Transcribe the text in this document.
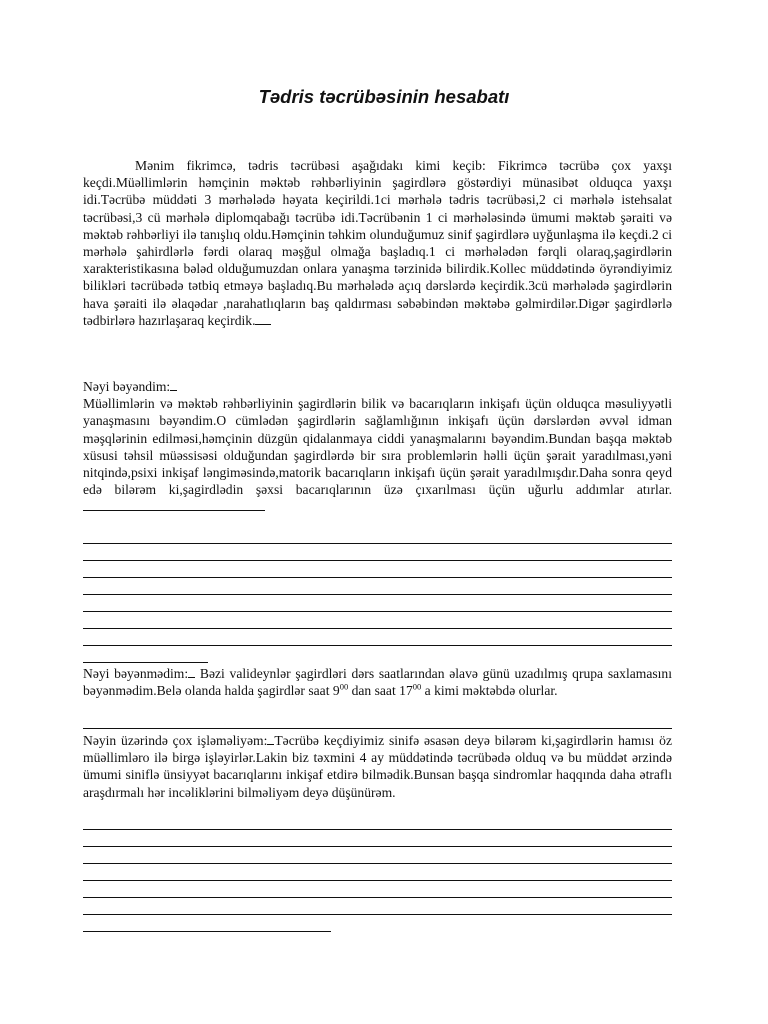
Tədris təcrübəsinin hesabatı

Mənim fikrimcə, tədris təcrübəsi aşağıdakı kimi keçib: Fikrimcə təcrübə çox yaxşı keçdi.Müəllimlərin həmçinin məktəb rəhbərliyinin şagirdlərə göstərdiyi münasibət olduqca yaxşı idi.Təcrübə müddəti 3 mərhələdə həyata keçirildi.1ci mərhələ tədris təcrübəsi,2 ci mərhələ istehsalat təcrübəsi,3 cü mərhələ diplomqabağı təcrübə idi.Təcrübənin 1 ci mərhələsində ümumi məktəb şəraiti və məktəb rəhbərliyi ilə tanışlıq oldu.Həmçinin təhkim olunduğumuz sinif şagirdlərə uyğunlaşma ilə keçdi.2 ci mərhələ şahirdlərlə fərdi olaraq məşğul olmağa başladıq.1 ci mərhələdən fərqli olaraq,şagirdlərin xarakteristikasına bələd olduğumuzdan onlara yanaşma tərzinidə bilirdik.Kollec müddətində öyrəndiyimiz bilikləri təcrübədə tətbiq etməyə başladıq.Bu mərhələdə açıq dərslərdə keçirdik.3cü mərhələdə şagirdlərin hava şəraiti ilə əlaqədar ,narahatlıqların baş qaldırması səbəbindən məktəbə gəlmirdilər.Digər şagirdlərlə tədbirlərə hazırlaşaraq keçirdik.

Nəyi bəyəndim:

Müəllimlərin və məktəb rəhbərliyinin şagirdlərin bilik və bacarıqların inkişafı üçün olduqca məsuliyyətli yanaşmasını bəyəndim.O cümlədən şagirdlərin sağlamlığının inkişafı üçün dərslərdən əvvəl idman məşqlərinin edilməsi,həmçinin düzgün qidalanmaya ciddi yanaşmalarını bəyəndim.Bundan başqa məktəb xüsusi təhsil müəssisəsi olduğundan şagirdlərdə bir sıra problemlərin həlli üçün şərait yaradılması,yəni nitqində,psixi inkişaf ləngiməsində,matorik bacarıqların inkişafı üçün şərait yaradılmışdır.Daha sonra qeyd edə bilərəm ki,şagirdlədin şəxsi bacarıqlarının üzə çıxarılması üçün uğurlu addımlar atırlar.

Nəyi bəyənmədim: Bəzi valideynlər şagirdləri dərs saatlarından əlavə günü uzadılmış qrupa saxlamasını bəyənmədim.Belə olanda halda şagirdlər saat $9^{00}$ dan saat $17^{00}$ a kimi məktəbdə olurlar.

Nəyin üzərində çox işləməliyəm: Təcrübə keçdiyimiz sinifə əsasən deyə bilərəm ki,şagirdlərin hamısı öz müəllimləro ilə birgə işləyirlər.Lakin biz təxmini 4 ay müddətində təcrübədə olduq və bu müddət ərzində ümumi siniflə ünsiyyət bacarıqlarını inkişaf etdirə bilmədik.Bunsan başqa sindromlar haqqında daha ətraflı araşdırmalı hər incəliklərini bilməliyəm deyə düşünürəm.
